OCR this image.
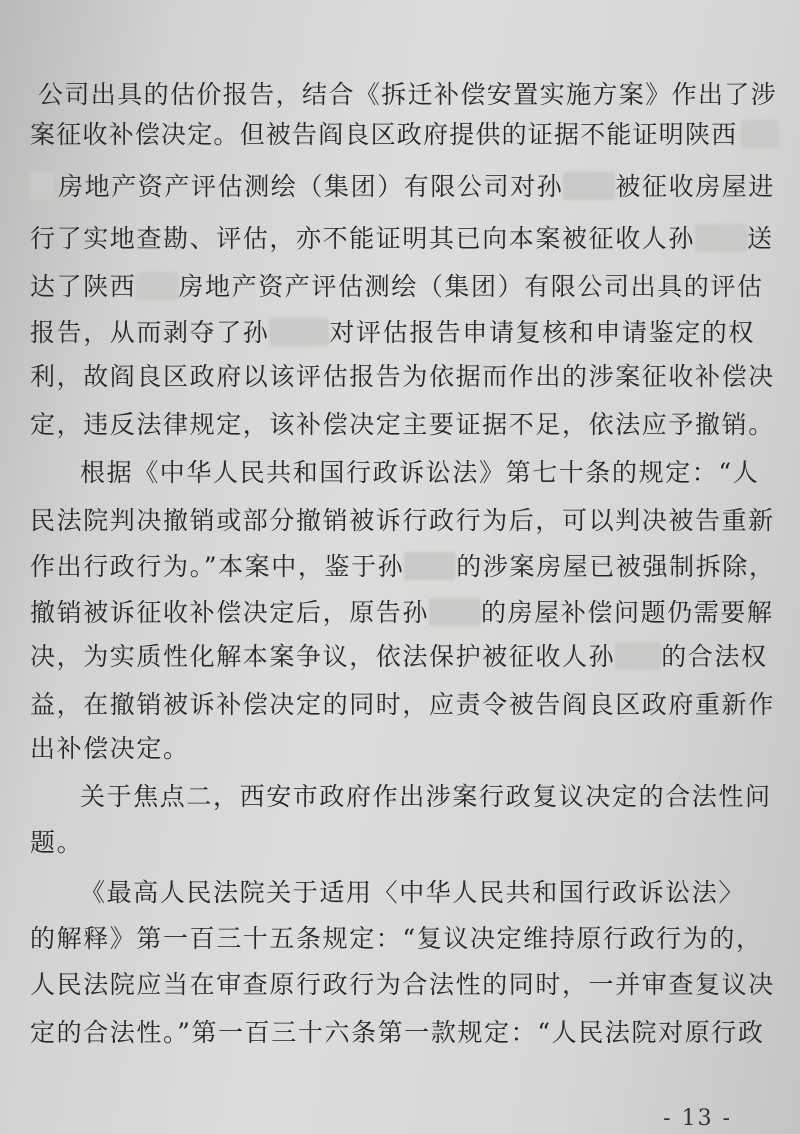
公司出具的估价报告，结合《拆迁补偿安置实施方案》作出了涉
案征收补偿决定。但被告阎良区政府提供的证据不能证明陕西
房地产资产评估测绘（集团）有限公司对孙 被征收房屋进
行了实地查勘、评估，亦不能证明其已向本案被征收人孙 送
达了陕西 房地产资产评估测绘（集团）有限公司出具的评估
报告，从而剥夺了孙 对评估报告申请复核和申请鉴定的权
利，故阎良区政府以该评估报告为依据而作出的涉案征收补偿决
定，违反法律规定，该补偿决定主要证据不足，依法应予撤销。
根据《中华人民共和国行政诉讼法》第七十条的规定：“人
民法院判决撤销或部分撤销被诉行政行为后，可以判决被告重新
作出行政行为。”本案中，鉴于孙 的涉案房屋已被强制拆除，
撤销被诉征收补偿决定后，原告孙 的房屋补偿问题仍需要解
决，为实质性化解本案争议，依法保护被征收人孙 的合法权
益，在撤销被诉补偿决定的同时，应责令被告阎良区政府重新作
出补偿决定。
关于焦点二，西安市政府作出涉案行政复议决定的合法性问
题。
《最高人民法院关于适用〈中华人民共和国行政诉讼法〉
的解释》第一百三十五条规定：“复议决定维持原行政行为的，
人民法院应当在审查原行政行为合法性的同时，一并审查复议决
定的合法性。”第一百三十六条第一款规定：“人民法院对原行政
- 13 -
